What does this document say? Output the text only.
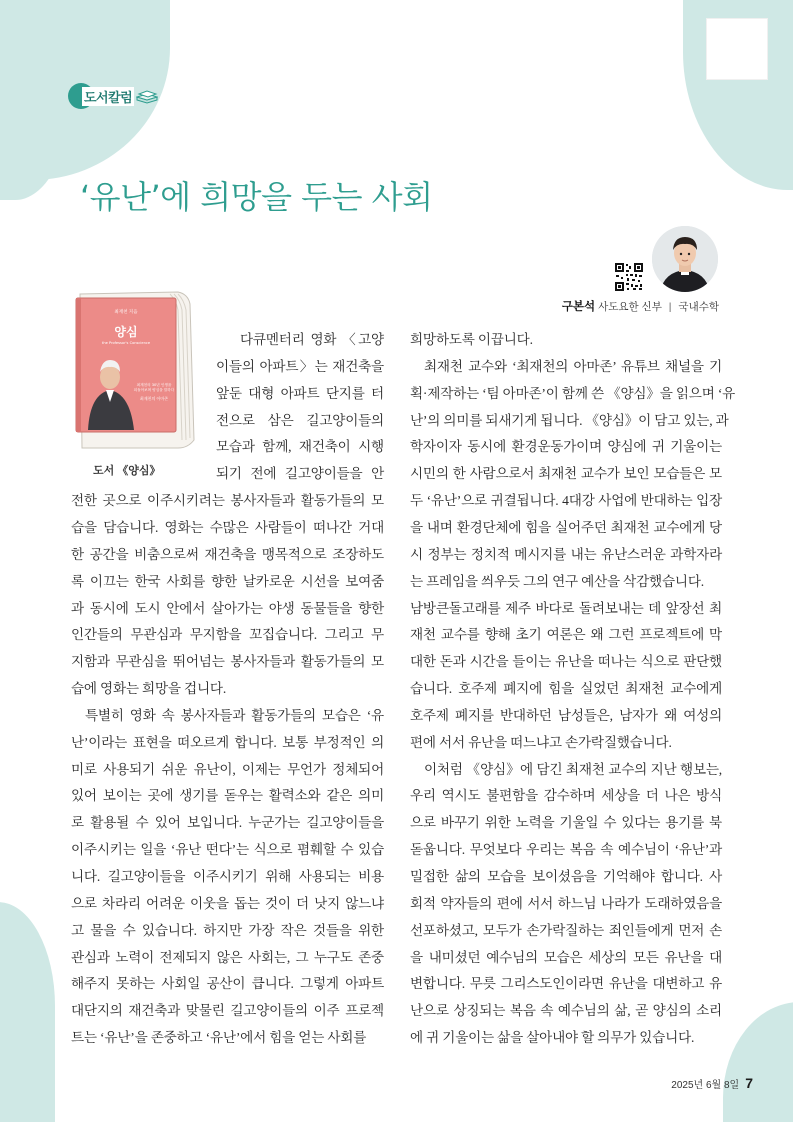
도서칼럼
‘유난’에 희망을 두는 사회
구본석 사도요한 신부 | 국내수학
최재천 지음
양심
the Professor's Conscience
최재천의 30년 인생을
되돌아보며 양심을 말하다
최재천의 아마존
도서 《양심》
다큐멘터리 영화 〈고양
이들의 아파트〉는 재건축을
앞둔 대형 아파트 단지를 터
전으로 삼은 길고양이들의
모습과 함께, 재건축이 시행
되기 전에 길고양이들을 안
전한 곳으로 이주시키려는 봉사자들과 활동가들의 모
습을 담습니다. 영화는 수많은 사람들이 떠나간 거대
한 공간을 비춤으로써 재건축을 맹목적으로 조장하도
록 이끄는 한국 사회를 향한 날카로운 시선을 보여줌
과 동시에 도시 안에서 살아가는 야생 동물들을 향한
인간들의 무관심과 무지함을 꼬집습니다. 그리고 무
지함과 무관심을 뛰어넘는 봉사자들과 활동가들의 모
습에 영화는 희망을 겁니다.
특별히 영화 속 봉사자들과 활동가들의 모습은 ‘유
난’이라는 표현을 떠오르게 합니다. 보통 부정적인 의
미로 사용되기 쉬운 유난이, 이제는 무언가 정체되어
있어 보이는 곳에 생기를 돋우는 활력소와 같은 의미
로 활용될 수 있어 보입니다. 누군가는 길고양이들을
이주시키는 일을 ‘유난 떤다’는 식으로 폄훼할 수 있습
니다. 길고양이들을 이주시키기 위해 사용되는 비용
으로 차라리 어려운 이웃을 돕는 것이 더 낫지 않느냐
고 물을 수 있습니다. 하지만 가장 작은 것들을 위한
관심과 노력이 전제되지 않은 사회는, 그 누구도 존중
해주지 못하는 사회일 공산이 큽니다. 그렇게 아파트
대단지의 재건축과 맞물린 길고양이들의 이주 프로젝
트는 ‘유난’을 존중하고 ‘유난’에서 힘을 얻는 사회를
희망하도록 이끕니다.
최재천 교수와 ‘최재천의 아마존’ 유튜브 채널을 기
획·제작하는 ‘팀 아마존’이 함께 쓴 《양심》을 읽으며 ‘유
난’의 의미를 되새기게 됩니다. 《양심》이 담고 있는, 과
학자이자 동시에 환경운동가이며 양심에 귀 기울이는
시민의 한 사람으로서 최재천 교수가 보인 모습들은 모
두 ‘유난’으로 귀결됩니다. 4대강 사업에 반대하는 입장
을 내며 환경단체에 힘을 실어주던 최재천 교수에게 당
시 정부는 정치적 메시지를 내는 유난스러운 과학자라
는 프레임을 씌우듯 그의 연구 예산을 삭감했습니다.
남방큰돌고래를 제주 바다로 돌려보내는 데 앞장선 최
재천 교수를 향해 초기 여론은 왜 그런 프로젝트에 막
대한 돈과 시간을 들이는 유난을 떠나는 식으로 판단했
습니다. 호주제 폐지에 힘을 실었던 최재천 교수에게
호주제 폐지를 반대하던 남성들은, 남자가 왜 여성의
편에 서서 유난을 떠느냐고 손가락질했습니다.
이처럼 《양심》에 담긴 최재천 교수의 지난 행보는,
우리 역시도 불편함을 감수하며 세상을 더 나은 방식
으로 바꾸기 위한 노력을 기울일 수 있다는 용기를 북
돋웁니다. 무엇보다 우리는 복음 속 예수님이 ‘유난’과
밀접한 삶의 모습을 보이셨음을 기억해야 합니다. 사
회적 약자들의 편에 서서 하느님 나라가 도래하였음을
선포하셨고, 모두가 손가락질하는 죄인들에게 먼저 손
을 내미셨던 예수님의 모습은 세상의 모든 유난을 대
변합니다. 무릇 그리스도인이라면 유난을 대변하고 유
난으로 상징되는 복음 속 예수님의 삶, 곧 양심의 소리
에 귀 기울이는 삶을 살아내야 할 의무가 있습니다.
2025년 6월 8일 7
